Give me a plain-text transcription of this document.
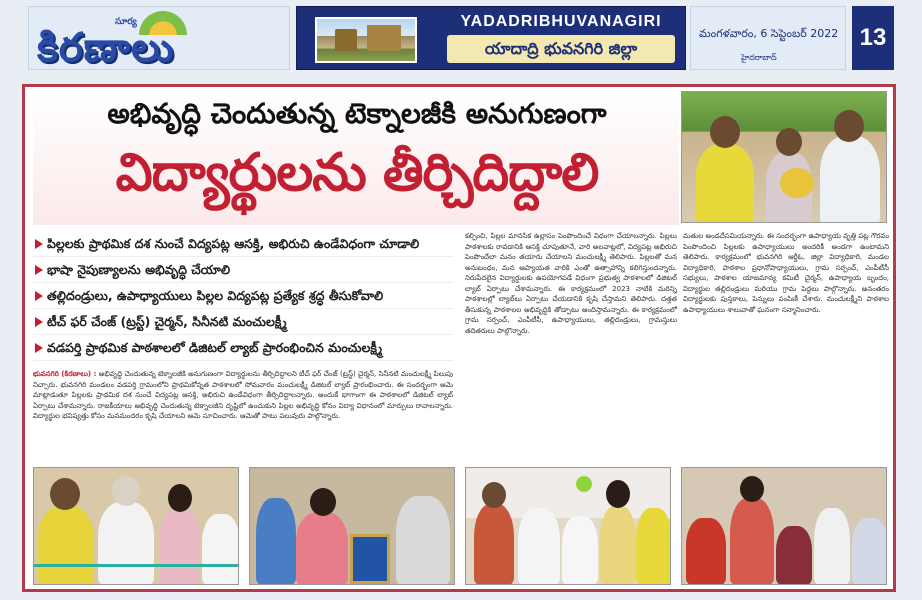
సూర్య
కిరణాలు
YADADRIBHUVANAGIRI
యాదాద్రి భువనగిరి జిల్లా
మంగళవారం, 6 సెప్టెంబర్ 2022
హైదరాబాద్
13
అభివృద్ధి చెందుతున్న టెక్నాలజీకి అనుగుణంగా
విద్యార్థులను తీర్చిదిద్దాలి
పిల్లలకు ప్రాథమిక దశ నుంచే విద్యపట్ల ఆసక్తి, అభిరుచి ఉండేవిధంగా చూడాలి
భాషా నైపుణ్యాలను అభివృద్ధి చేయాలి
తల్లిదండ్రులు, ఉపాధ్యాయులు పిల్లల విద్యపట్ల ప్రత్యేక శ్రద్ధ తీసుకోవాలి
టీచ్ ఫర్ చేంజ్ (ట్రస్ట్) చైర్మన్, సినీనటి మంచులక్ష్మీ
వడపర్తి ప్రాథమిక పాఠశాలలో డిజిటల్ ల్యాబ్ ప్రారంభించిన మంచులక్ష్మీ
భువనగిరి (కిరణాలు) : అభివృద్ధి చెందుతున్న టెక్నాలజీకి అనుగుణంగా విద్యార్థులను తీర్చిదిద్దాలని టీచ్ ఫర్ చేంజ్ (ట్రస్ట్) చైర్మన్, సినీనటి మంచులక్ష్మీ పిలుపు నిచ్చారు. భువనగిరి మండలం వడపర్తి గ్రామంలోని ప్రాథమికోన్నత పాఠశాలలో సోమవారం మంచులక్ష్మీ డిజిటల్ ల్యాబ్ ప్రారంభించారు. ఈ సందర్భంగా ఆమె మాట్లాడుతూ పిల్లలకు ప్రాథమిక దశ నుంచే విద్యపట్ల ఆసక్తి, అభిరుచి ఉండేవిధంగా తీర్చిదిద్దాలన్నారు. అందుకే భాగాంగా ఈ పాఠశాలలో డిజిటల్ ల్యాబ్ ఏర్పాటు చేశామన్నారు. రాజకీయాలు అభివృద్ధి చెందుతున్న టెక్నాలజీని దృష్టిలో ఉంచుకుని పిల్లల అభివృద్ధి కోసం విద్యా విధానంలో మార్పులు రావాలన్నారు. విద్యార్థుల భవిష్యత్తు కోసం మనమందరం కృషి చేయాలని ఆమె సూచించారు. ఆమెతో పాటు పలువురు పాల్గొన్నారు.
కల్పించి, పిల్లల మానసిక ఉల్లాసం పెంపొందించే విధంగా చేయాలన్నారు. పిల్లలు పాఠశాలకు రావడానికి ఆసక్తి చూపుతూనే, వారి అలవాట్లలో, విద్యపట్ల అభిరుచి పెంపొందేలా మనం తయారు చేయాలని మంచులక్ష్మీ తెలిపారు. పిల్లలతో మన అనుబంధం, మన ఆప్యాయత వారికి ఎంతో ఉత్సాహాన్ని కలిగిస్తుందన్నారు. నిరుపేదలైన విద్యార్థులకు ఉపయోగపడే విధంగా ప్రభుత్వ పాఠశాలలో డిజిటల్ ల్యాబ్ ఏర్పాటు చేశామన్నారు. ఈ కార్యక్రమంలో 2023 నాటికి మరిన్ని పాఠశాలల్లో ల్యాబ్‌లు ఏర్పాటు చేయడానికి కృషి చేస్తామని తెలిపారు. దత్తత తీసుకున్న పాఠశాలల అభివృద్ధికి తోడ్పాటు అందిస్తామన్నారు. ఈ కార్యక్రమంలో గ్రామ సర్పంచ్, ఎంపీటీసీ, ఉపాధ్యాయులు, తల్లిదండ్రులు, గ్రామస్తులు తదితరులు పాల్గొన్నారు.
మతుల అండదేసమియన్నారు. ఈ సందర్భంగా ఉపాధ్యాయ వృత్తి పట్ల గౌరవం పెంపొందించి పిల్లలకు ఉపాధ్యాయులు అందరికీ అండగా ఉంటామని తెలిపారు. కార్యక్రమంలో భువనగిరి ఆర్డీఓ, జిల్లా విద్యాధికారి, మండల విద్యాధికారి, పాఠశాల ప్రధానోపాధ్యాయులు, గ్రామ సర్పంచ్, ఎంపీటీసీ సభ్యులు, పాఠశాల యాజమాన్య కమిటీ చైర్మన్, ఉపాధ్యాయ బృందం, విద్యార్థుల తల్లిదండ్రులు మరియు గ్రామ పెద్దలు పాల్గొన్నారు. అనంతరం విద్యార్థులకు పుస్తకాలు, పెన్నులు పంపిణీ చేశారు. మంచులక్ష్మీని పాఠశాల ఉపాధ్యాయులు శాలువాతో ఘనంగా సన్మానించారు.
